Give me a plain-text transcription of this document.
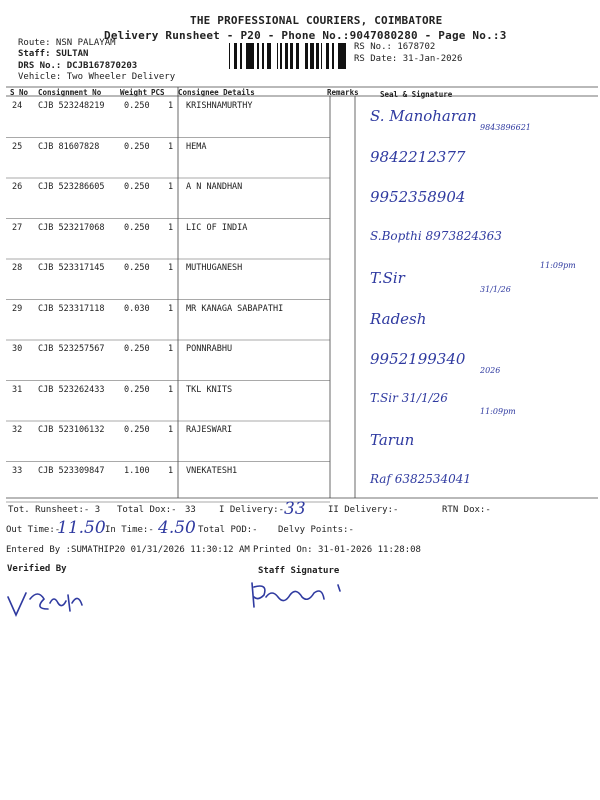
THE PROFESSIONAL COURIERS, COIMBATORE
Delivery Runsheet - P20 - Phone No.:9047080280 - Page No.:3
Route: NSN PALAYAM
Staff: SULTAN
DRS No.: DCJB167870203
Vehicle: Two Wheeler Delivery
RS No.: 1678702
RS Date: 31-Jan-2026
S No Consignment No	Weight PCS Consignee Details	Remarks	Seal & Signature
24 CJB 523248219 0.250 1 KRISHNAMURTHY
S. Manoharan
9843896621
25 CJB 81607828	0.250 1 HEMA
9842212377
26 CJB 523286605 0.250 1 A N NANDHAN
9952358904
27 CJB 523217068 0.250 1 LIC OF INDIA
S.Bopthi 8973824363
28 CJB 523317145 0.250 1 MUTHUGANESH
T.Sir
31/1/26
11:09pm
29 CJB 523317118 0.030 1 MR KANAGA SABAPATHI
Radesh
30 CJB 523257567 0.250 1 PONNRABHU
9952199340
2026
31 CJB 523262433 0.250 1 TKL KNITS
T.Sir 31/1/26
11:09pm
32 CJB 523106132 0.250 1 RAJESWARI
Tarun
33 CJB 523309847 1.100 1 VNEKATESH1
Raf 6382534041
Tot. Runsheet:- 3 Total Dox:- 33	I Delivery:- 33 II Delivery:-	RTN Dox:-
Out Time:-
11.50 In Time:- 4.50 Total POD:- Delvy Points:-
Entered By :SUMATHIP20 01/31/2026 11:30:12 AM Printed On: 31-01-2026 11:28:08
Verified By	Staff Signature
